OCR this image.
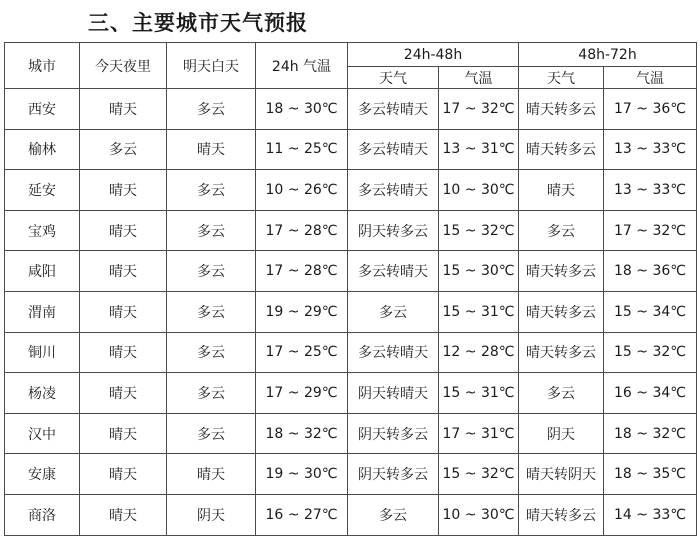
三、主要城市天气预报
城市	今天夜里	明天白天	24h 气温	24h-48h		48h-72h	
				天气	气温	天气	气温
西安	晴天	多云	18 ~ 30℃	多云转晴天	17 ~ 32℃	晴天转多云	17 ~ 36℃
榆林	多云	晴天	11 ~ 25℃	多云转晴天	13 ~ 31℃	晴天转多云	13 ~ 33℃
延安	晴天	多云	10 ~ 26℃	多云转晴天	10 ~ 30℃	晴天	13 ~ 33℃
宝鸡	晴天	多云	17 ~ 28℃	阴天转多云	15 ~ 32℃	多云	17 ~ 32℃
咸阳	晴天	多云	17 ~ 28℃	多云转晴天	15 ~ 30℃	晴天转多云	18 ~ 36℃
渭南	晴天	多云	19 ~ 29℃	多云	15 ~ 31℃	晴天转多云	15 ~ 34℃
铜川	晴天	多云	17 ~ 25℃	多云转晴天	12 ~ 28℃	晴天转多云	15 ~ 32℃
杨凌	晴天	多云	17 ~ 29℃	阴天转晴天	15 ~ 31℃	多云	16 ~ 34℃
汉中	晴天	多云	18 ~ 32℃	阴天转多云	17 ~ 31℃	阴天	18 ~ 32℃
安康	晴天	晴天	19 ~ 30℃	阴天转多云	15 ~ 32℃	晴天转阴天	18 ~ 35℃
商洛	晴天	阴天	16 ~ 27℃	多云	10 ~ 30℃	晴天转多云	14 ~ 33℃
